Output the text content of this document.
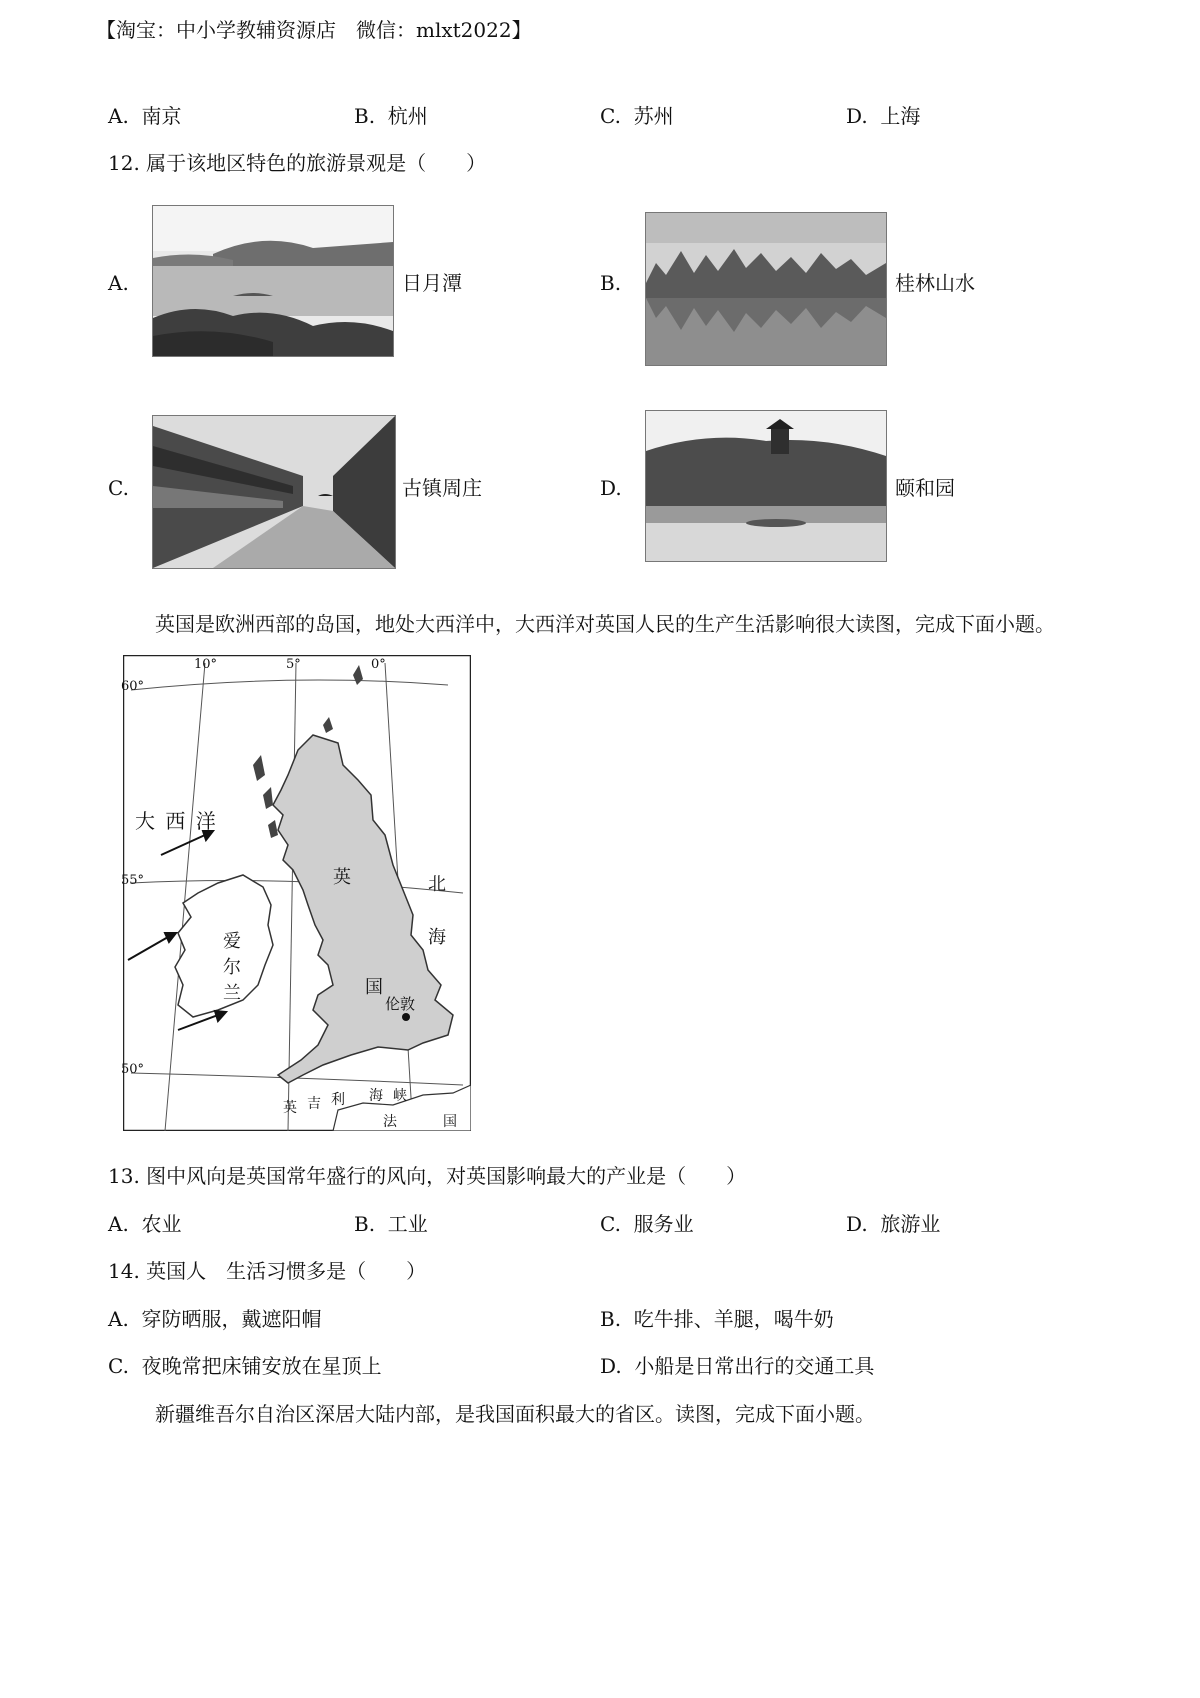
【淘宝：中小学教辅资源店　微信：mlxt2022】
A. 南京	B. 杭州	C. 苏州	D. 上海
12. 属于该地区特色的旅游景观是（　　）
A.	日月潭	B.	桂林山水
C.	古镇周庄	D.	颐和园
英国是欧洲西部的岛国，地处大西洋中，大西洋对英国人民的生产生活影响很大读图，完成下面小题。
10°	5°	0°
60°
55°
50°
大 西 洋
北
海
爱
尔
兰
英
国
伦敦
英 吉 利 海 峡
法	国
13. 图中风向是英国常年盛行的风向，对英国影响最大的产业是（　　）
A. 农业	B. 工业	C. 服务业	D. 旅游业
14. 英国人　生活习惯多是（　　）
A. 穿防晒服，戴遮阳帽	B. 吃牛排、羊腿，喝牛奶
C. 夜晚常把床铺安放在星顶上	D. 小船是日常出行的交通工具
新疆维吾尔自治区深居大陆内部，是我国面积最大的省区。读图，完成下面小题。
